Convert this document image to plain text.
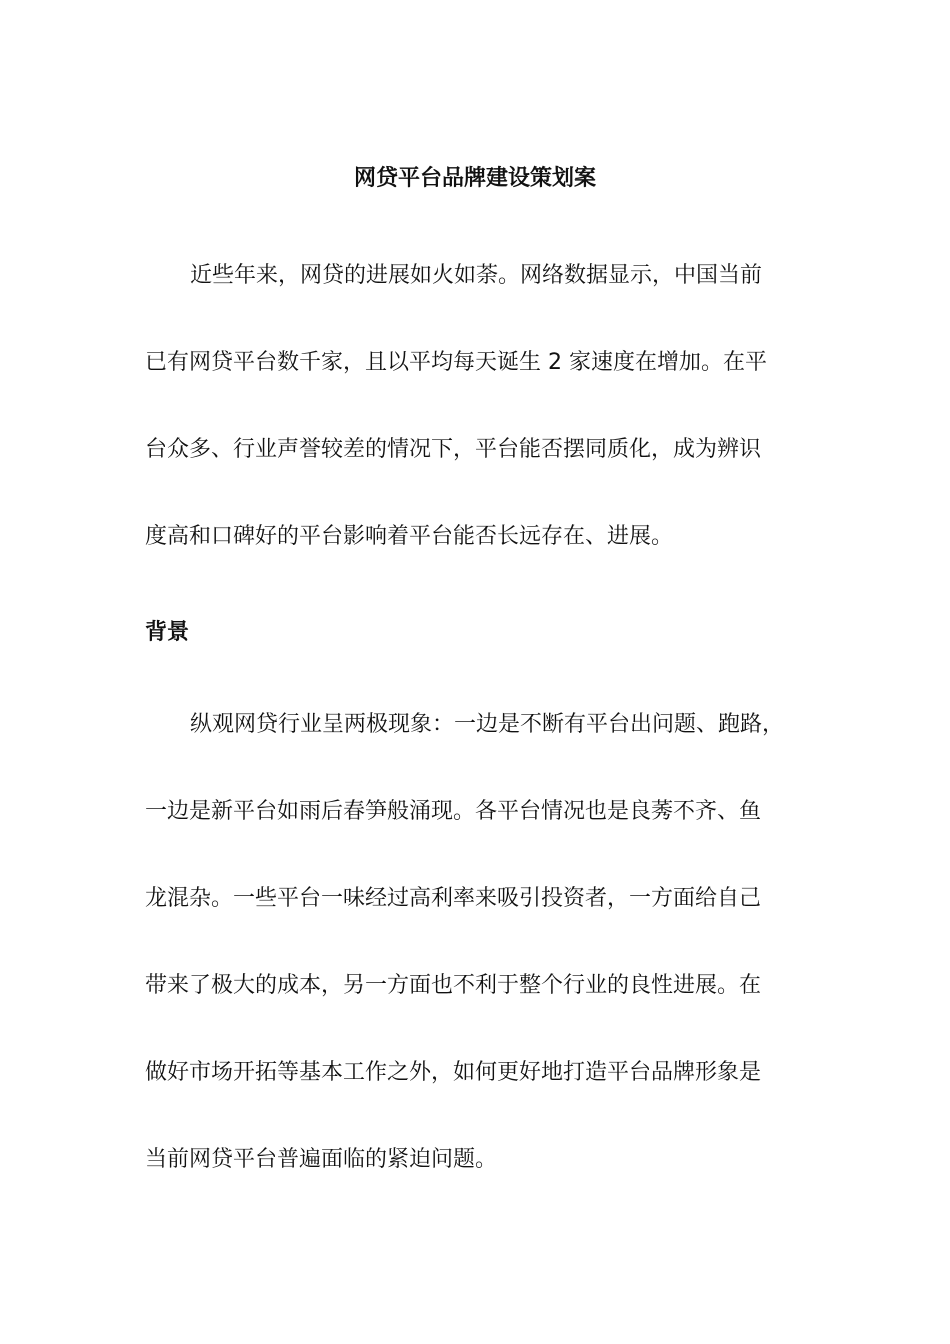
网贷平台品牌建设策划案
近些年来，网贷的进展如火如荼。网络数据显示，中国当前
已有网贷平台数千家，且以平均每天诞生 2 家速度在增加。在平
台众多、行业声誉较差的情况下，平台能否摆同质化，成为辨识
度高和口碑好的平台影响着平台能否长远存在、进展。
背景
纵观网贷行业呈两极现象：一边是不断有平台出问题、跑路，
一边是新平台如雨后春笋般涌现。各平台情况也是良莠不齐、鱼
龙混杂。一些平台一味经过高利率来吸引投资者，一方面给自己
带来了极大的成本，另一方面也不利于整个行业的良性进展。在
做好市场开拓等基本工作之外，如何更好地打造平台品牌形象是
当前网贷平台普遍面临的紧迫问题。
